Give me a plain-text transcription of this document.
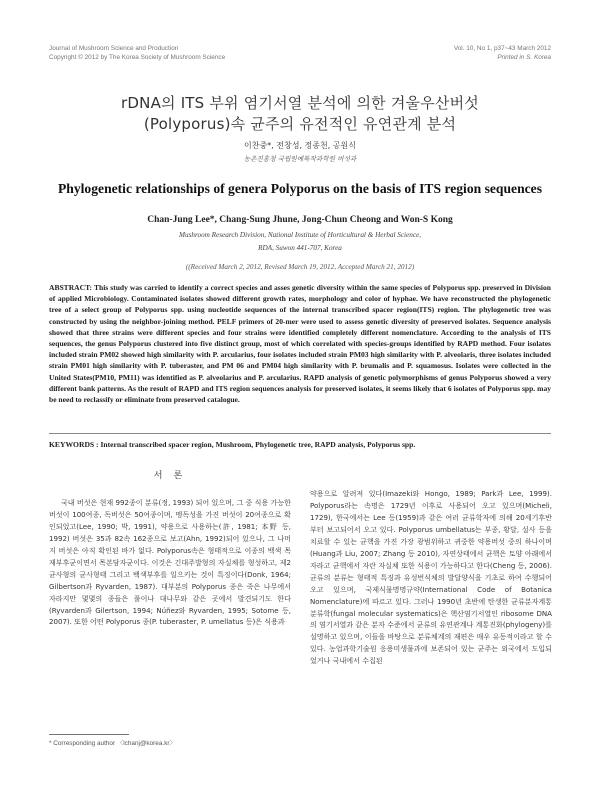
Journal of Mushroom Science and Production
Copyright © 2012 by The Korea Society of Mushroom Science
Vol. 10, No 1, p37~43 March 2012
Printed in S. Korea
rDNA의 ITS 부위 염기서열 분석에 의한 겨울우산버섯
(Polyporus)속 균주의 유전적인 유연관계 분석
이찬중*, 전창성, 정종천, 공원식
농촌진흥청 국립원예특작과학원 버섯과
Phylogenetic relationships of genera Polyporus on the basis of ITS region sequences
Chan-Jung Lee*, Chang-Sung Jhune, Jong-Chun Cheong and Won-S Kong
Mushroom Research Division, National Institute of Horticultural & Herbal Science,
RDA, Suwon 441-707, Korea
((Received March 2, 2012, Revised March 19, 2012, Accepted March 21, 2012)
ABSTRACT: This study was carried to identify a correct species and asses genetic diversity within the same species of Polyporus spp. preserved in Division of applied Microbiology. Contaminated isolates showed different growth rates, morphology and color of hyphae. We have reconstructed the phylogenetic tree of a select group of Polyporus spp. using nucleotide sequences of the internal transcribed spacer region(ITS) region. The phylogenetic tree was constructed by using the neighbor-joining method. PELF primers of 20-mer were used to assess genetic diversity of preserved isolates. Sequence analysis showed that three strains were different species and four strains were identified completely different nomenclature. According to the analysis of ITS sequences, the genus Polyporus clustered into five distinct group, most of which correlated with species-groups identified by RAPD method. Four isolates included strain PM02 showed high similarity with P. arcularius, four isolates included strain PM03 high similarity with P. alveolaris, three isolates included strain PM01 high similarity with P. tuberaster, and PM 06 and PM04 high similarity with P. brumalis and P. squamosus. Isolates were collected in the United States(PM10, PM11) was identified as P. alveolarius and P. arcularius. RAPD analysis of genetic polymorphisms of genus Polyporus showed a very different bank patterns. As the result of RAPD and ITS region sequences analysis for preserved isolates, it seems likely that 6 isolates of Polyporus spp. may be need to reclassify or eliminate from preserved catalogue.
KEYWORDS : Internal transcribed spacer region, Mushroom, Phylogenetic tree, RAPD analysis, Polyporus spp.
서 론

국내 버섯은 현재 992종이 분류(정, 1993) 되어 있으며, 그 중 식용 가능한 버섯이 100여종, 독버섯은 50여종이며, 맹독성을 가진 버섯이 20여종으로 확인되었고(Lee, 1990; 박, 1991), 약용으로 사용하는(許, 1981; 本野 등, 1992) 버섯은 35과 82속 162종으로 보고(Ahn, 1992)되어 있으나, 그 나머지 버섯은 아직 확인된 바가 없다. Polyporus속은 형태적으로 이종의 백색 목재부후균이면서 목본담자균이다. 이것은 긴대주발형의 자실체를 형성하고, 제2균사형의 균사형태 그리고 백색부후를 일으키는 것이 특징이다(Donk, 1964; Gilbertson과 Ryvarden, 1987). 대부분의 Polyporus 종은 죽은 나무에서 자라지만 몇몇의 종들은 풀이나 대나무와 같은 곳에서 발견되기도 한다(Ryvarden과 Gilertson, 1994; Núñez와 Ryvarden, 1995; Sotome 등, 2007). 또한 어떤 Polyporus 종(P. tuberaster, P. umellatus 등)은 식용과

약용으로 알려져 있다(Imazeki와 Hongo, 1989; Park과 Lee, 1999). Polyporus라는 속명은 1729년 이후로 사용되어 오고 있으며(Micheli, 1729), 한국에서는 Lee 등(1959)과 같은 여러 균류학자에 의해 20세기후반부터 보고되어서 오고 있다. Polyporus umbellatus는 부종, 황달, 설사 등을 치료할 수 있는 균핵을 가진 가장 광범위하고 귀중한 약용버섯 중의 하나이며(Huang과 Liu, 2007; Zhang 등 2010), 자연상태에서 균핵은 토양 아래에서 자라고 균핵에서 자란 자실체 또한 식용이 가능하다고 한다(Cheng 등, 2006). 균류의 분류는 형태적 특징과 유성번식체의 발달양식을 기초로 하여 수행되어 오고 있으며, 국제식물명명규약(International Code of Botanica Nomenclature)에 따르고 있다. 그러나 1990년 초반에 탄생한 균류분자계통분류학(fungal molecular systematics)은 핵산염기서열인 ribosome DNA의 염기서열과 같은 분자 수준에서 균류의 유연관계나 계통진화(phylogeny)를 설명하고 있으며, 이들을 바탕으로 분류체계의 재편은 매우 유동적이라고 할 수 있다. 농업과학기술원 응용미생물과에 보존되어 있는 균주는 외국에서 도입되었거나 국내에서 수집된

* Corresponding author 〈lchanj@korea.kr〉
